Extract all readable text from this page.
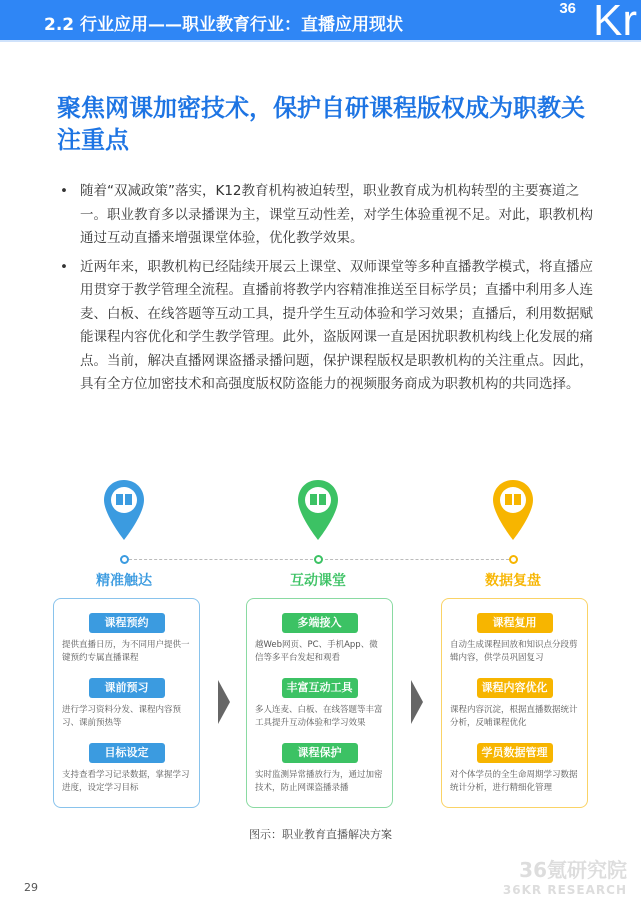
2.2 行业应用——职业教育行业：直播应用现状
36 Kr
聚焦网课加密技术，保护自研课程版权成为职教关注重点
• 随着“双减政策”落实，K12教育机构被迫转型，职业教育成为机构转型的主要赛道之一。职业教育多以录播课为主，课堂互动性差，对学生体验重视不足。对此，职教机构通过互动直播来增强课堂体验，优化教学效果。
• 近两年来，职教机构已经陆续开展云上课堂、双师课堂等多种直播教学模式，将直播应用贯穿于教学管理全流程。直播前将教学内容精准推送至目标学员；直播中利用多人连麦、白板、在线答题等互动工具，提升学生互动体验和学习效果；直播后，利用数据赋能课程内容优化和学生教学管理。此外，盗版网课一直是困扰职教机构线上化发展的痛点。当前，解决直播网课盗播录播问题，保护课程版权是职教机构的关注重点。因此，具有全方位加密技术和高强度版权防盗能力的视频服务商成为职教机构的共同选择。
精准触达
课程预约
提供直播日历，为不同用户提供一键预约专属直播课程
课前预习
进行学习资料分发、课程内容预习、课前预热等
目标设定
支持查看学习记录数据，掌握学习进度，设定学习目标
互动课堂
多端接入
越Web网页、PC、手机App、微信等多平台发起和观看
丰富互动工具
多人连麦、白板、在线答题等丰富工具提升互动体验和学习效果
课程保护
实时监测异常播放行为，通过加密技术，防止网课盗播录播
数据复盘
课程复用
自动生成课程回放和知识点分段剪辑内容，供学员巩固复习
课程内容优化
课程内容沉淀，根据直播数据统计分析，反哺课程优化
学员数据管理
对个体学员的全生命周期学习数据统计分析，进行精细化管理
图示：职业教育直播解决方案
29
36氪研究院
36KR RESEARCH
